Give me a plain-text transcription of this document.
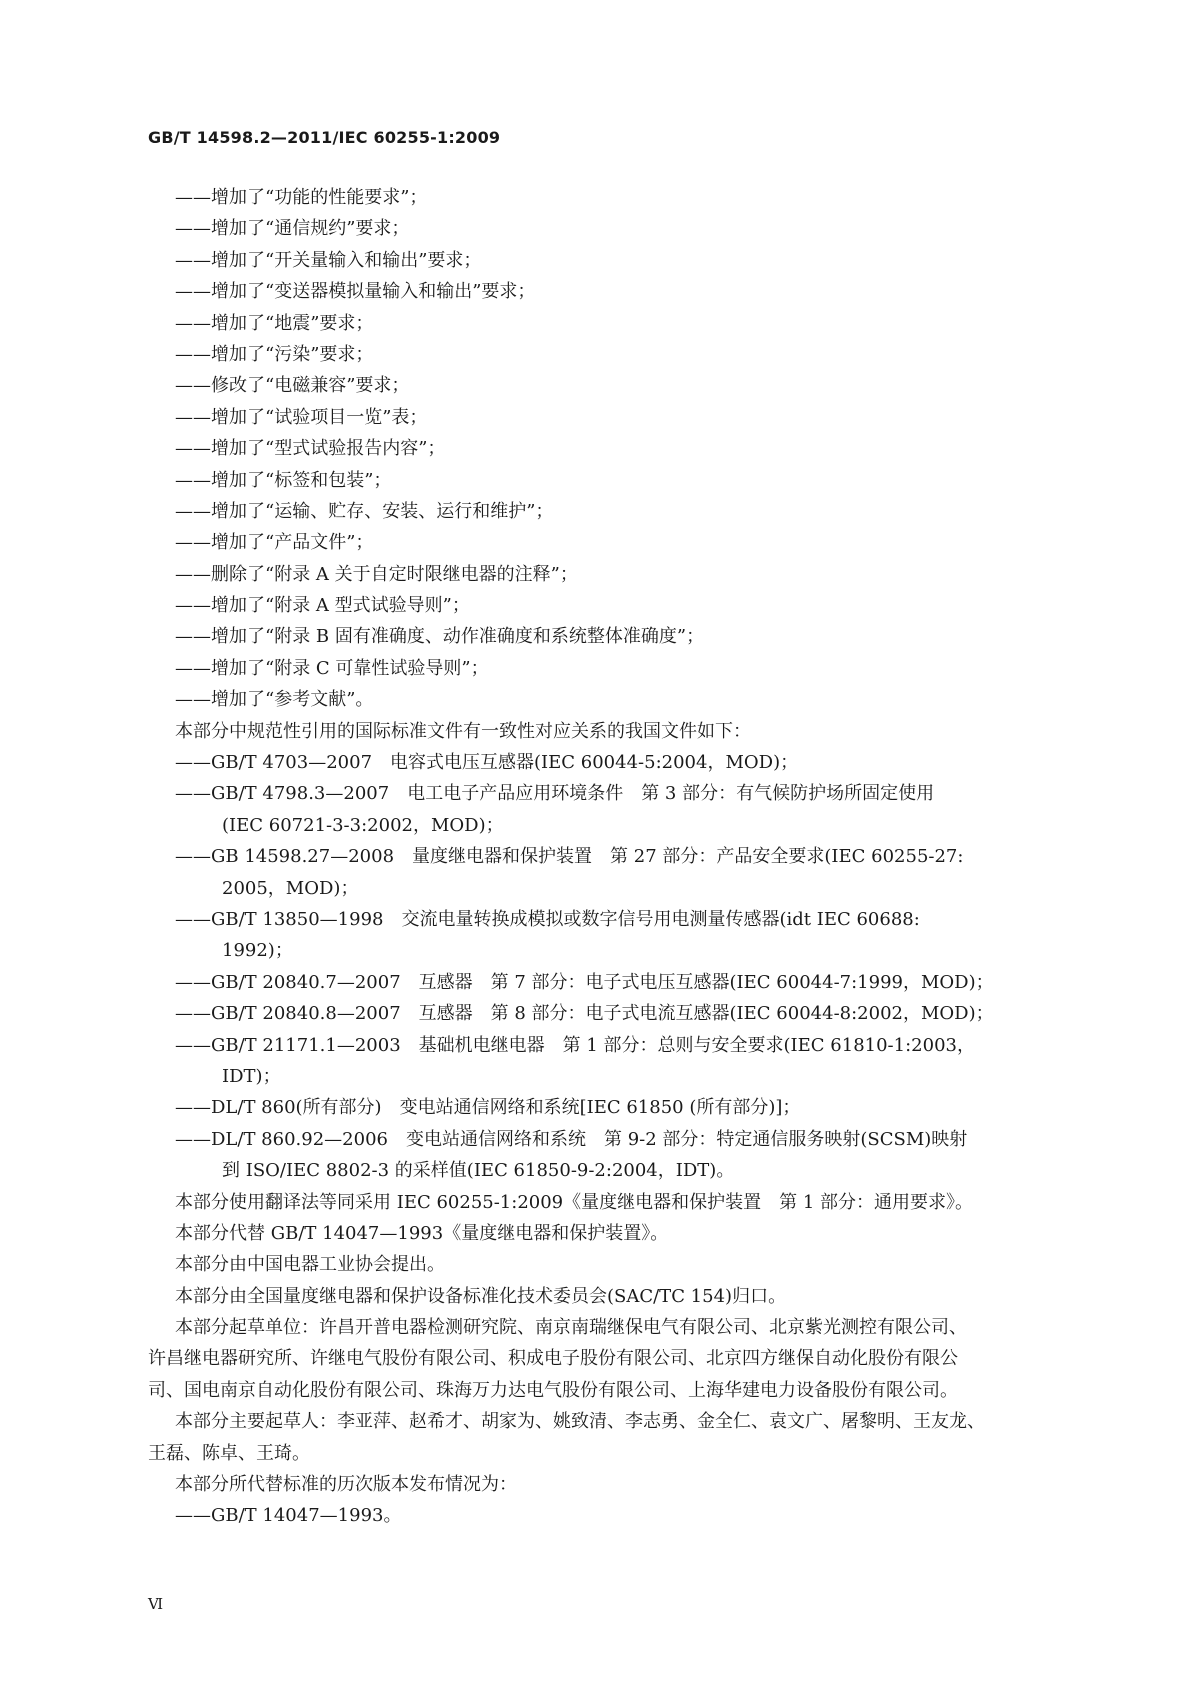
GB/T 14598.2—2011/IEC 60255-1:2009
——增加了“功能的性能要求”；
——增加了“通信规约”要求；
——增加了“开关量输入和输出”要求；
——增加了“变送器模拟量输入和输出”要求；
——增加了“地震”要求；
——增加了“污染”要求；
——修改了“电磁兼容”要求；
——增加了“试验项目一览”表；
——增加了“型式试验报告内容”；
——增加了“标签和包装”；
——增加了“运输、贮存、安装、运行和维护”；
——增加了“产品文件”；
——删除了“附录 A 关于自定时限继电器的注释”；
——增加了“附录 A 型式试验导则”；
——增加了“附录 B 固有准确度、动作准确度和系统整体准确度”；
——增加了“附录 C 可靠性试验导则”；
——增加了“参考文献”。
本部分中规范性引用的国际标准文件有一致性对应关系的我国文件如下：
——GB/T 4703—2007　电容式电压互感器(IEC 60044-5:2004，MOD)；
——GB/T 4798.3—2007　电工电子产品应用环境条件　第 3 部分：有气候防护场所固定使用
(IEC 60721-3-3:2002，MOD)；
——GB 14598.27—2008　量度继电器和保护装置　第 27 部分：产品安全要求(IEC 60255-27:
2005，MOD)；
——GB/T 13850—1998　交流电量转换成模拟或数字信号用电测量传感器(idt IEC 60688:
1992)；
——GB/T 20840.7—2007　互感器　第 7 部分：电子式电压互感器(IEC 60044-7:1999，MOD)；
——GB/T 20840.8—2007　互感器　第 8 部分：电子式电流互感器(IEC 60044-8:2002，MOD)；
——GB/T 21171.1—2003　基础机电继电器　第 1 部分：总则与安全要求(IEC 61810-1:2003，
IDT)；
——DL/T 860(所有部分)　变电站通信网络和系统[IEC 61850 (所有部分)]；
——DL/T 860.92—2006　变电站通信网络和系统　第 9-2 部分：特定通信服务映射(SCSM)映射
到 ISO/IEC 8802-3 的采样值(IEC 61850-9-2:2004，IDT)。
本部分使用翻译法等同采用 IEC 60255-1:2009《量度继电器和保护装置　第 1 部分：通用要求》。
本部分代替 GB/T 14047—1993《量度继电器和保护装置》。
本部分由中国电器工业协会提出。
本部分由全国量度继电器和保护设备标准化技术委员会(SAC/TC 154)归口。
本部分起草单位：许昌开普电器检测研究院、南京南瑞继保电气有限公司、北京紫光测控有限公司、
许昌继电器研究所、许继电气股份有限公司、积成电子股份有限公司、北京四方继保自动化股份有限公
司、国电南京自动化股份有限公司、珠海万力达电气股份有限公司、上海华建电力设备股份有限公司。
本部分主要起草人：李亚萍、赵希才、胡家为、姚致清、李志勇、金全仁、袁文广、屠黎明、王友龙、
王磊、陈卓、王琦。
本部分所代替标准的历次版本发布情况为：
——GB/T 14047—1993。
Ⅵ
